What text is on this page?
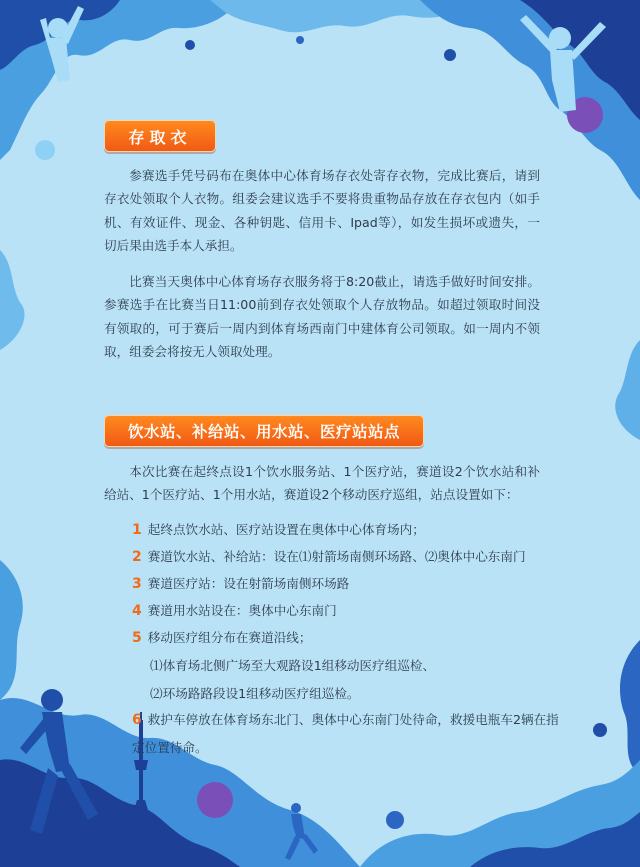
存取衣

参赛选手凭号码布在奥体中心体育场存衣处寄存衣物，完成比赛后，请到存衣处领取个人衣物。组委会建议选手不要将贵重物品存放在存衣包内（如手机、有效证件、现金、各种钥匙、信用卡、Ipad等），如发生损坏或遗失，一切后果由选手本人承担。

比赛当天奥体中心体育场存衣服务将于8:20截止，请选手做好时间安排。参赛选手在比赛当日11:00前到存衣处领取个人存放物品。如超过领取时间没有领取的，可于赛后一周内到体育场西南门中建体育公司领取。如一周内不领取，组委会将按无人领取处理。

饮水站、补给站、用水站、医疗站站点

本次比赛在起终点设1个饮水服务站、1个医疗站，赛道设2个饮水站和补给站、1个医疗站、1个用水站，赛道设2个移动医疗巡组，站点设置如下：

1 起终点饮水站、医疗站设置在奥体中心体育场内；
2 赛道饮水站、补给站：设在⑴射箭场南侧环场路、⑵奥体中心东南门
3 赛道医疗站：设在射箭场南侧环场路
4 赛道用水站设在：奥体中心东南门
5 移动医疗组分布在赛道沿线；
⑴体育场北侧广场至大观路设1组移动医疗组巡检、
⑵环场路路段设1组移动医疗组巡检。
6 救护车停放在体育场东北门、奥体中心东南门处待命，救援电瓶车2辆在指定位置待命。
